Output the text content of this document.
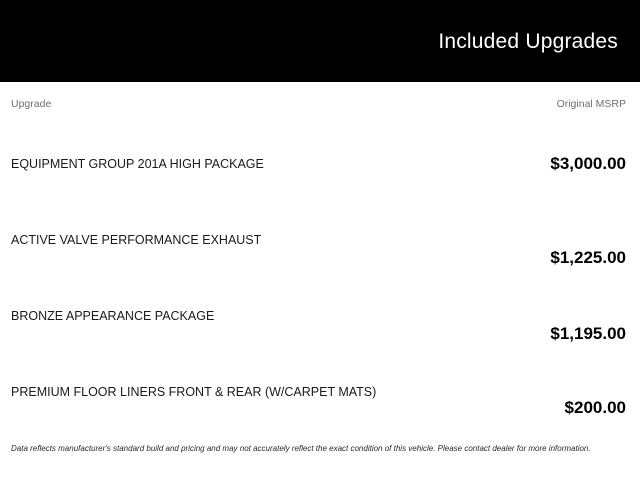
Included Upgrades
Upgrade	Original MSRP
EQUIPMENT GROUP 201A HIGH PACKAGE	$3,000.00
ACTIVE VALVE PERFORMANCE EXHAUST
$1,225.00
BRONZE APPEARANCE PACKAGE
$1,195.00
PREMIUM FLOOR LINERS FRONT & REAR (W/CARPET MATS)
$200.00
Data reflects manufacturer's standard build and pricing and may not accurately reflect the exact condition of this vehicle. Please contact dealer for more information.
